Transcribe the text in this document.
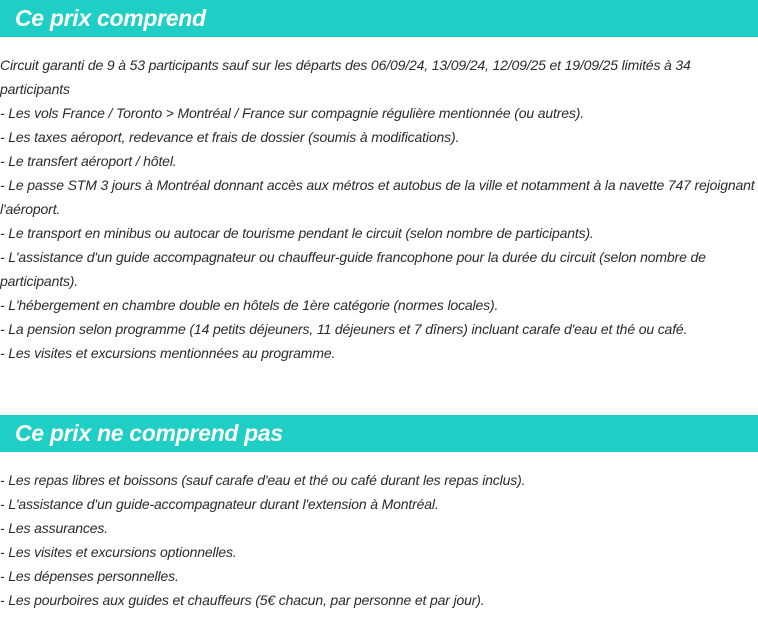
Ce prix comprend

Circuit garanti de 9 à 53 participants sauf sur les départs des 06/09/24, 13/09/24, 12/09/25 et 19/09/25 limités à 34 participants

- Les vols France / Toronto > Montréal / France sur compagnie régulière mentionnée (ou autres).

- Les taxes aéroport, redevance et frais de dossier (soumis à modifications).

- Le transfert aéroport / hôtel.

- Le passe STM 3 jours à Montréal donnant accès aux métros et autobus de la ville et notamment à la navette 747 rejoignant l'aéroport.

- Le transport en minibus ou autocar de tourisme pendant le circuit (selon nombre de participants).

- L'assistance d'un guide accompagnateur ou chauffeur-guide francophone pour la durée du circuit (selon nombre de participants).

- L'hébergement en chambre double en hôtels de 1ère catégorie (normes locales).

- La pension selon programme (14 petits déjeuners, 11 déjeuners et 7 dîners) incluant carafe d'eau et thé ou café.

- Les visites et excursions mentionnées au programme.

Ce prix ne comprend pas

- Les repas libres et boissons (sauf carafe d'eau et thé ou café durant les repas inclus).

- L'assistance d'un guide-accompagnateur durant l'extension à Montréal.

- Les assurances.

- Les visites et excursions optionnelles.

- Les dépenses personnelles.

- Les pourboires aux guides et chauffeurs (5€ chacun, par personne et par jour).
